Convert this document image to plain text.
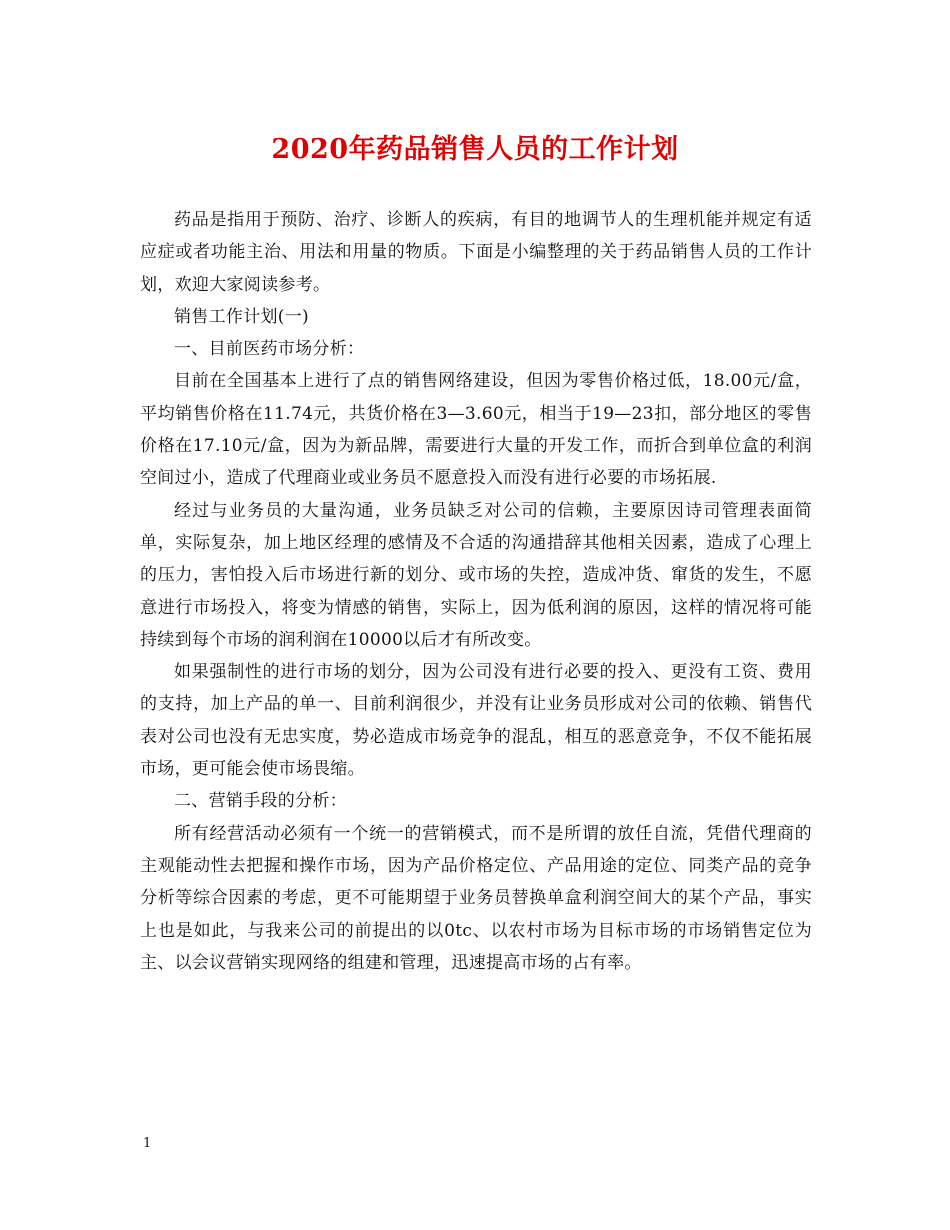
2020年药品销售人员的工作计划

药品是指用于预防、治疗、诊断人的疾病，有目的地调节人的生理机能并规定有适应症或者功能主治、用法和用量的物质。下面是小编整理的关于药品销售人员的工作计划，欢迎大家阅读参考。

销售工作计划(一)

一、目前医药市场分析：

目前在全国基本上进行了点的销售网络建设，但因为零售价格过低，18.00元/盒，平均销售价格在11.74元，共货价格在3—3.60元，相当于19—23扣，部分地区的零售价格在17.10元/盒，因为为新品牌，需要进行大量的开发工作，而折合到单位盒的利润空间过小，造成了代理商业或业务员不愿意投入而没有进行必要的市场拓展.

经过与业务员的大量沟通，业务员缺乏对公司的信赖，主要原因诗司管理表面简单，实际复杂，加上地区经理的感情及不合适的沟通措辞其他相关因素，造成了心理上的压力，害怕投入后市场进行新的划分、或市场的失控，造成冲货、窜货的发生，不愿意进行市场投入，将变为情感的销售，实际上，因为低利润的原因，这样的情况将可能持续到每个市场的润利润在10000以后才有所改变。

如果强制性的进行市场的划分，因为公司没有进行必要的投入、更没有工资、费用的支持，加上产品的单一、目前利润很少，并没有让业务员形成对公司的依赖、销售代表对公司也没有无忠实度，势必造成市场竞争的混乱，相互的恶意竞争，不仅不能拓展市场，更可能会使市场畏缩。

二、营销手段的分析：

所有经营活动必须有一个统一的营销模式，而不是所谓的放任自流，凭借代理商的主观能动性去把握和操作市场，因为产品价格定位、产品用途的定位、同类产品的竞争分析等综合因素的考虑，更不可能期望于业务员替换单盒利润空间大的某个产品，事实上也是如此，与我来公司的前提出的以0tc、以农村市场为目标市场的市场销售定位为主、以会议营销实现网络的组建和管理，迅速提高市场的占有率。

1
